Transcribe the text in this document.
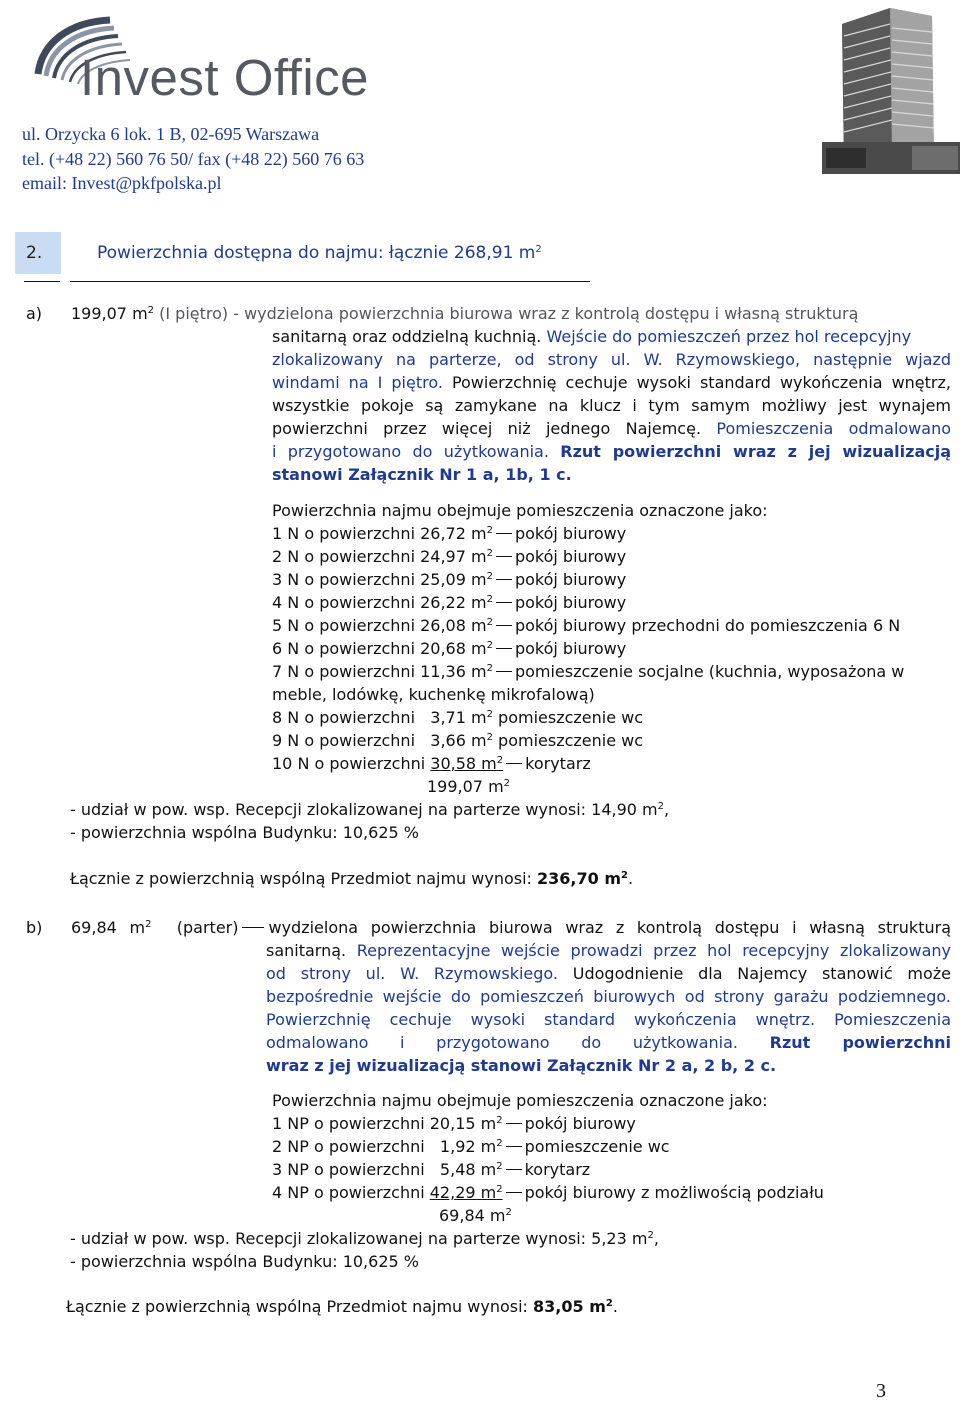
Invest Office
ul. Orzycka 6 lok. 1 B, 02-695 Warszawa
tel. (+48 22) 560 76 50/ fax (+48 22) 560 76 63
email: Invest@pkfpolska.pl
2.	Powierzchnia dostępna do najmu: łącznie 268,91 $m^2$
a) 199,07 $m^2$ (I piętro) - wydzielona powierzchnia biurowa wraz z kontrolą dostępu i własną strukturą
sanitarną oraz oddzielną kuchnią. Wejście do pomieszczeń przez hol recepcyjny
zlokalizowany na parterze, od strony ul. W. Rzymowskiego, następnie wjazd
windami na I piętro. Powierzchnię cechuje wysoki standard wykończenia wnętrz,
wszystkie pokoje są zamykane na klucz i tym samym możliwy jest wynajem
powierzchni przez więcej niż jednego Najemcę. Pomieszczenia odmalowano
i przygotowano do użytkowania. Rzut powierzchni wraz z jej wizualizacją
stanowi Załącznik Nr 1 a, 1b, 1 c.
Powierzchnia najmu obejmuje pomieszczenia oznaczone jako:
1 N o powierzchni 26,72 $m^2$ pokój biurowy
2 N o powierzchni 24,97 $m^2$ pokój biurowy
3 N o powierzchni 25,09 $m^2$ pokój biurowy
4 N o powierzchni 26,22 $m^2$ pokój biurowy
5 N o powierzchni 26,08 $m^2$ pokój biurowy przechodni do pomieszczenia 6 N
6 N o powierzchni 20,68 $m^2$ pokój biurowy
7 N o powierzchni 11,36 $m^2$ pomieszczenie socjalne (kuchnia, wyposażona w
meble, lodówkę, kuchenkę mikrofalową)
8 N o powierzchni   3,71 $m^2$ pomieszczenie wc
9 N o powierzchni   3,66 $m^2$ pomieszczenie wc
10 N o powierzchni 30,58 $m^2$ korytarz
199,07 $m^2$
- udział w pow. wsp. Recepcji zlokalizowanej na parterze wynosi: 14,90 $m^2$,
- powierzchnia wspólna Budynku: 10,625 %
Łącznie z powierzchnią wspólną Przedmiot najmu wynosi: 236,70 $m^2$.
b) 69,84 $m^2$ (parter) wydzielona powierzchnia biurowa wraz z kontrolą dostępu i własną strukturą
sanitarną. Reprezentacyjne wejście prowadzi przez hol recepcyjny zlokalizowany
od strony ul. W. Rzymowskiego. Udogodnienie dla Najemcy stanowić może
bezpośrednie wejście do pomieszczeń biurowych od strony garażu podziemnego.
Powierzchnię cechuje wysoki standard wykończenia wnętrz. Pomieszczenia
odmalowano i przygotowano do użytkowania. Rzut powierzchni
wraz z jej wizualizacją stanowi Załącznik Nr 2 a, 2 b, 2 c.
Powierzchnia najmu obejmuje pomieszczenia oznaczone jako:
1 NP o powierzchni 20,15 $m^2$ pokój biurowy
2 NP o powierzchni   1,92 $m^2$ pomieszczenie wc
3 NP o powierzchni   5,48 $m^2$ korytarz
4 NP o powierzchni 42,29 $m^2$ pokój biurowy z możliwością podziału
69,84 $m^2$
- udział w pow. wsp. Recepcji zlokalizowanej na parterze wynosi: 5,23 $m^2$,
- powierzchnia wspólna Budynku: 10,625 %
Łącznie z powierzchnią wspólną Przedmiot najmu wynosi: 83,05 $m^2$.
3
